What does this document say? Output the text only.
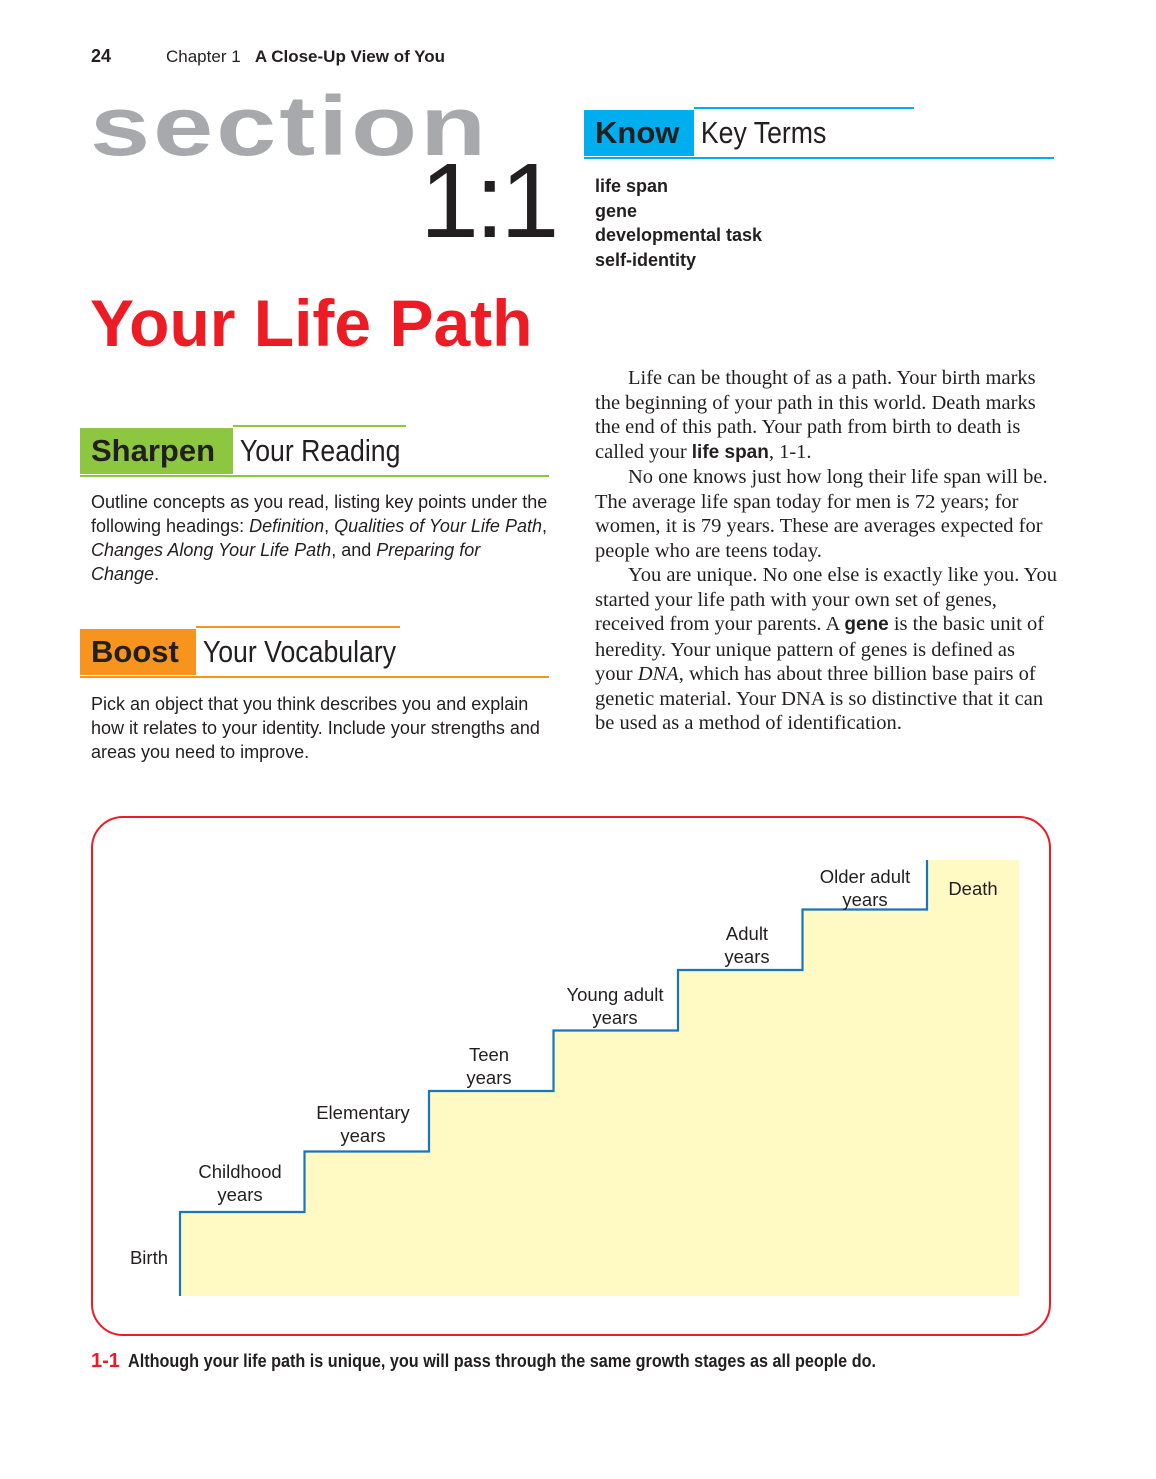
24	Chapter 1 A Close-Up View of You
section
1:1
Your Life Path
Know Key Terms
life span
gene
developmental task
self-identity
Sharpen Your Reading
Outline concepts as you read, listing key points under the following headings: Definition, Qualities of Your Life Path, Changes Along Your Life Path, and Preparing for Change.
Boost Your Vocabulary
Pick an object that you think describes you and explain how it relates to your identity. Include your strengths and areas you need to improve.

Life can be thought of as a path. Your birth marks the beginning of your path in this world. Death marks the end of this path. Your path from birth to death is called your life span, 1-1.

No one knows just how long their life span will be. The average life span today for men is 72 years; for women, it is 79 years. These are averages expected for people who are teens today.

You are unique. No one else is exactly like you. You started your life path with your own set of genes, received from your parents. A gene is the basic unit of heredity. Your unique pattern of genes is defined as your DNA, which has about three billion base pairs of genetic material. Your DNA is so distinctive that it can be used as a method of identification.

Birth
Childhood
years
Elementary
years
Teen
years
Young adult
years
Adult
years
Older adult
years
Death
1-1 Although your life path is unique, you will pass through the same growth stages as all people do.
